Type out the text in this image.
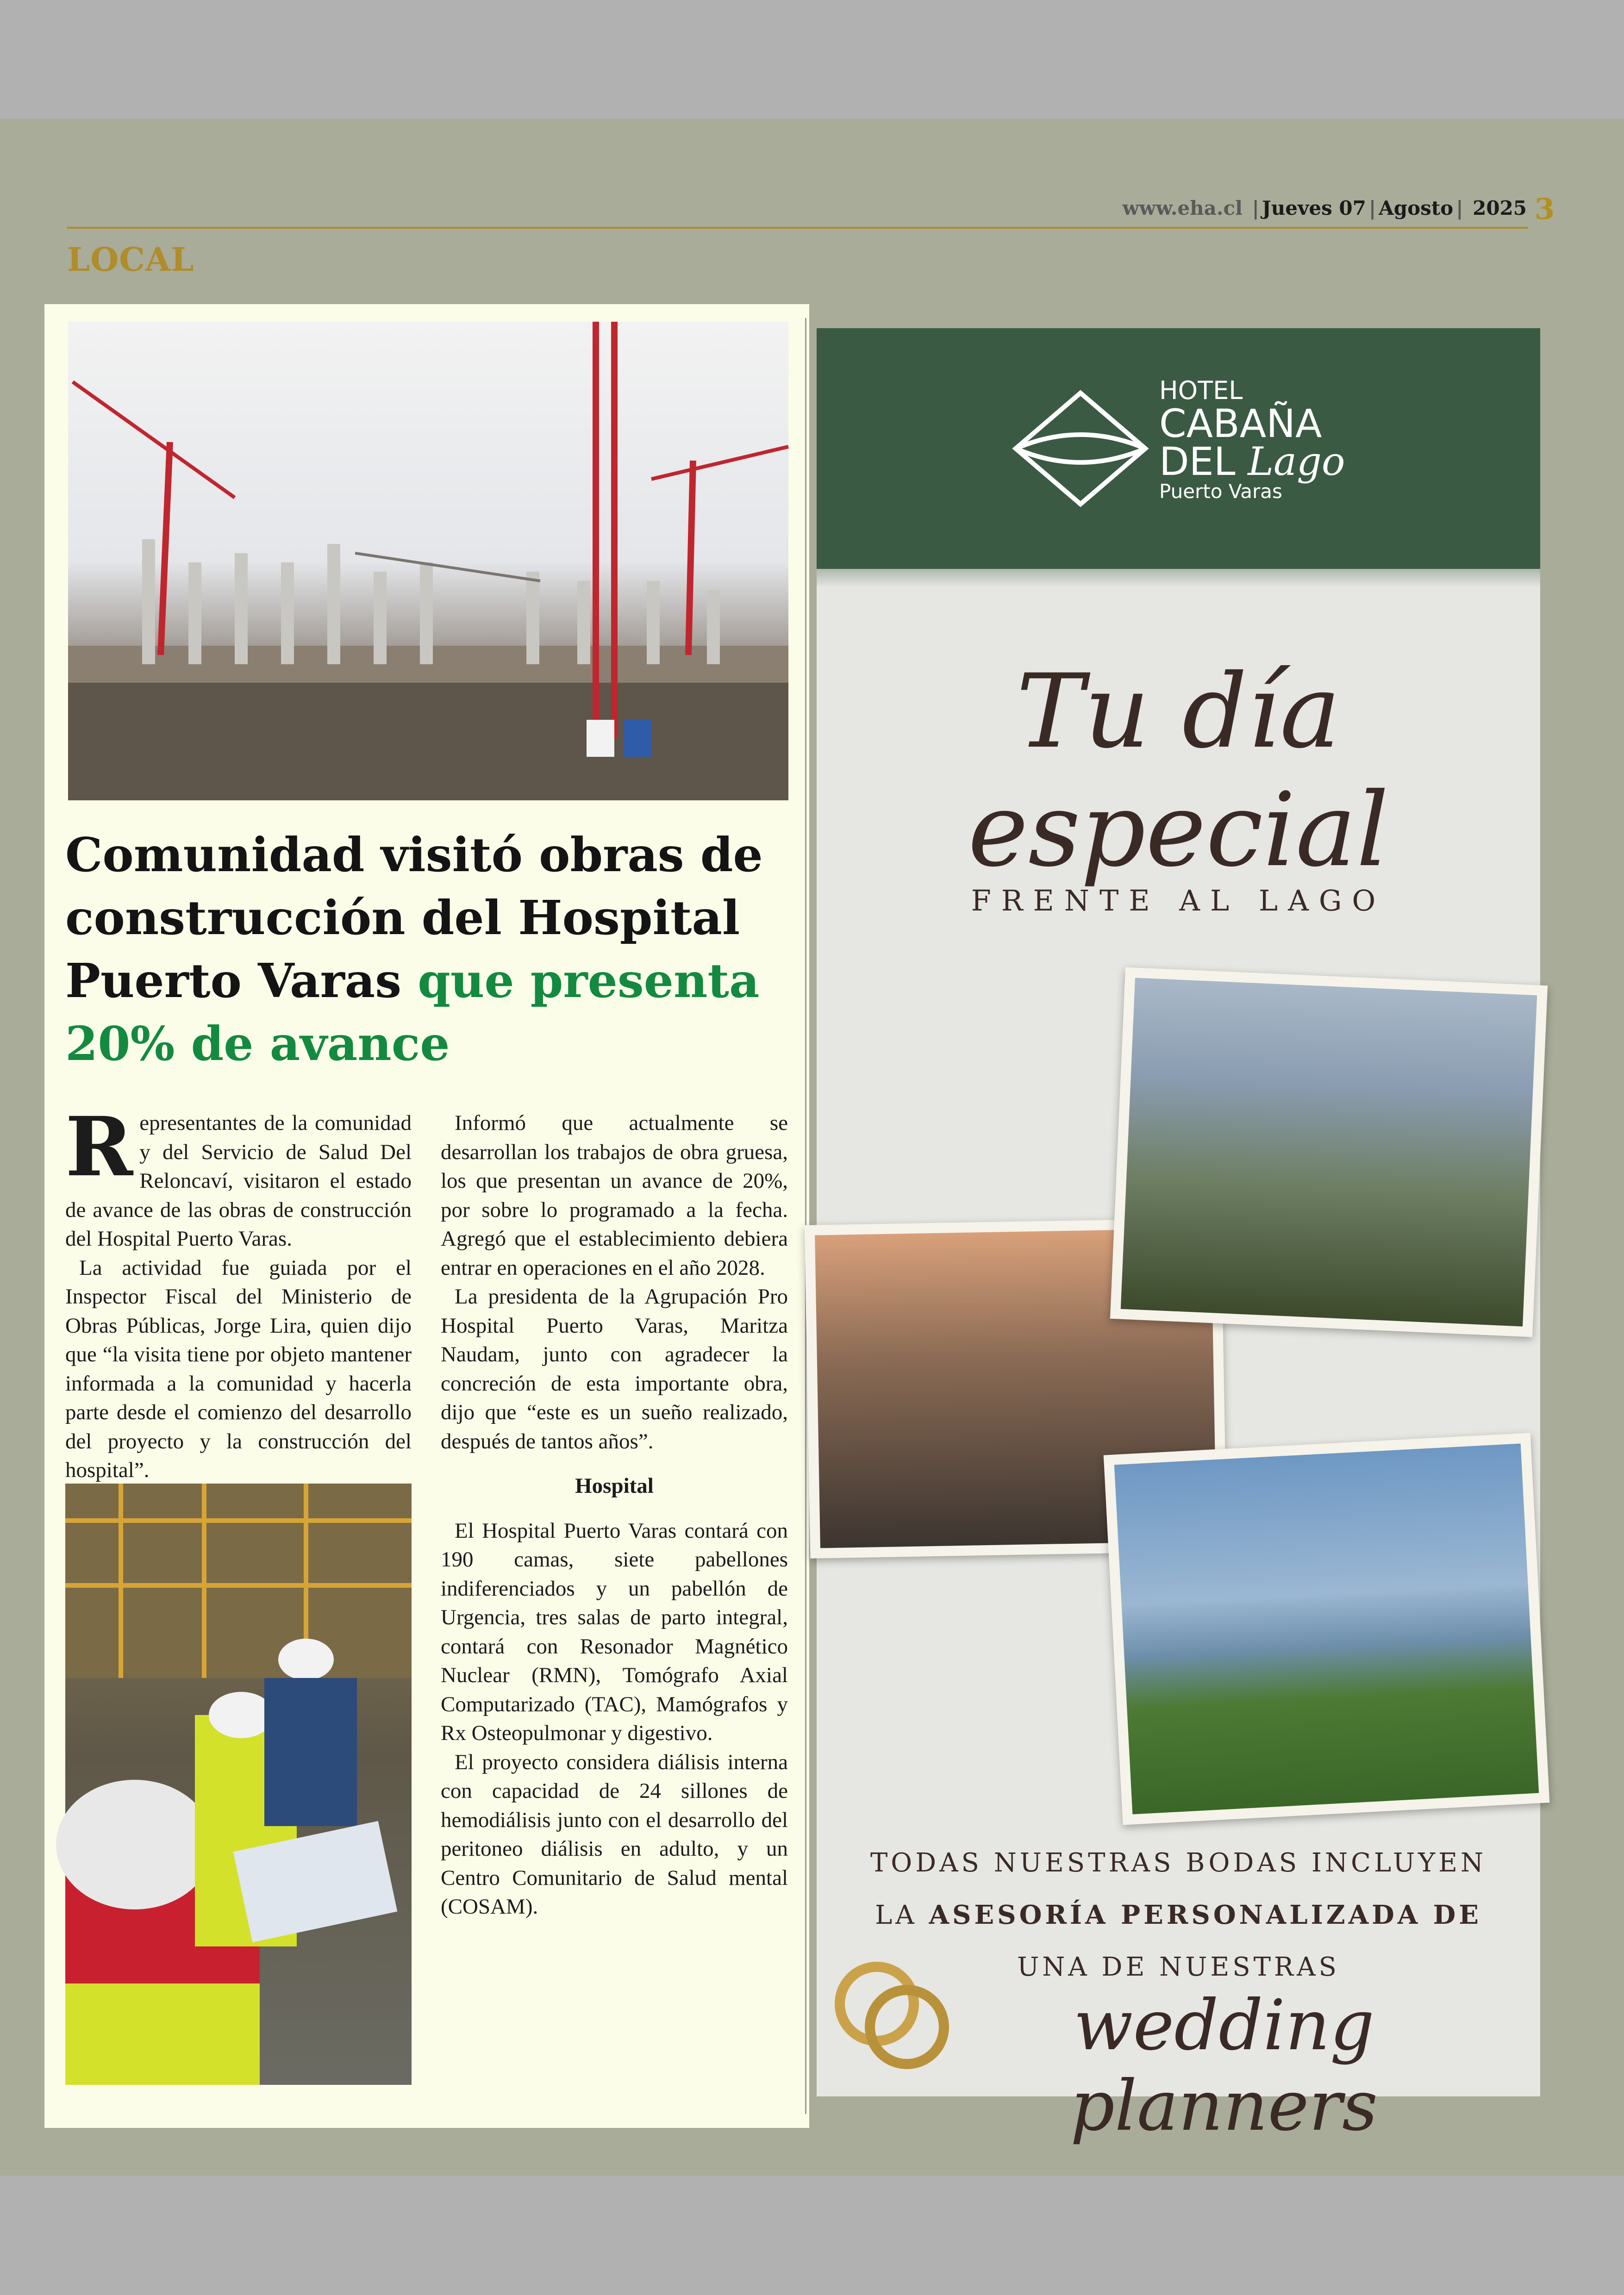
www.eha.cl | Jueves 07 | Agosto | 2025 3
LOCAL
Comunidad visitó obras de construcción del Hospital Puerto Varas que presenta 20% de avance

Representantes de la comunidad y del Servicio de Salud Del Reloncaví, visitaron el estado de avance de las obras de construcción del Hospital Puerto Varas.

La actividad fue guiada por el Inspector Fiscal del Ministerio de Obras Públicas, Jorge Lira, quien dijo que “la visita tiene por objeto mantener informada a la comunidad y hacerla parte desde el comienzo del desarrollo del proyecto y la construcción del hospital”.

Informó que actualmente se desarrollan los trabajos de obra gruesa, los que presentan un avance de 20%, por sobre lo programado a la fecha. Agregó que el establecimiento debiera entrar en operaciones en el año 2028.

La presidenta de la Agrupación Pro Hospital Puerto Varas, Maritza Naudam, junto con agradecer la concreción de esta importante obra, dijo que “este es un sueño realizado, después de tantos años”.

Hospital

El Hospital Puerto Varas contará con 190 camas, siete pabellones indiferenciados y un pabellón de Urgencia, tres salas de parto integral, contará con Resonador Magnético Nuclear (RMN), Tomógrafo Axial Computarizado (TAC), Mamógrafos y Rx Osteopulmonar y digestivo.

El proyecto considera diálisis interna con capacidad de 24 sillones de hemodiálisis junto con el desarrollo del peritoneo diálisis en adulto, y un Centro Comunitario de Salud mental (COSAM).

HOTEL
CABAÑA
DEL Lago
Puerto Varas
Tu día especial
FRENTE AL LAGO
TODAS NUESTRAS BODAS INCLUYEN
LA ASESORÍA PERSONALIZADA DE
UNA DE NUESTRAS
wedding planners
